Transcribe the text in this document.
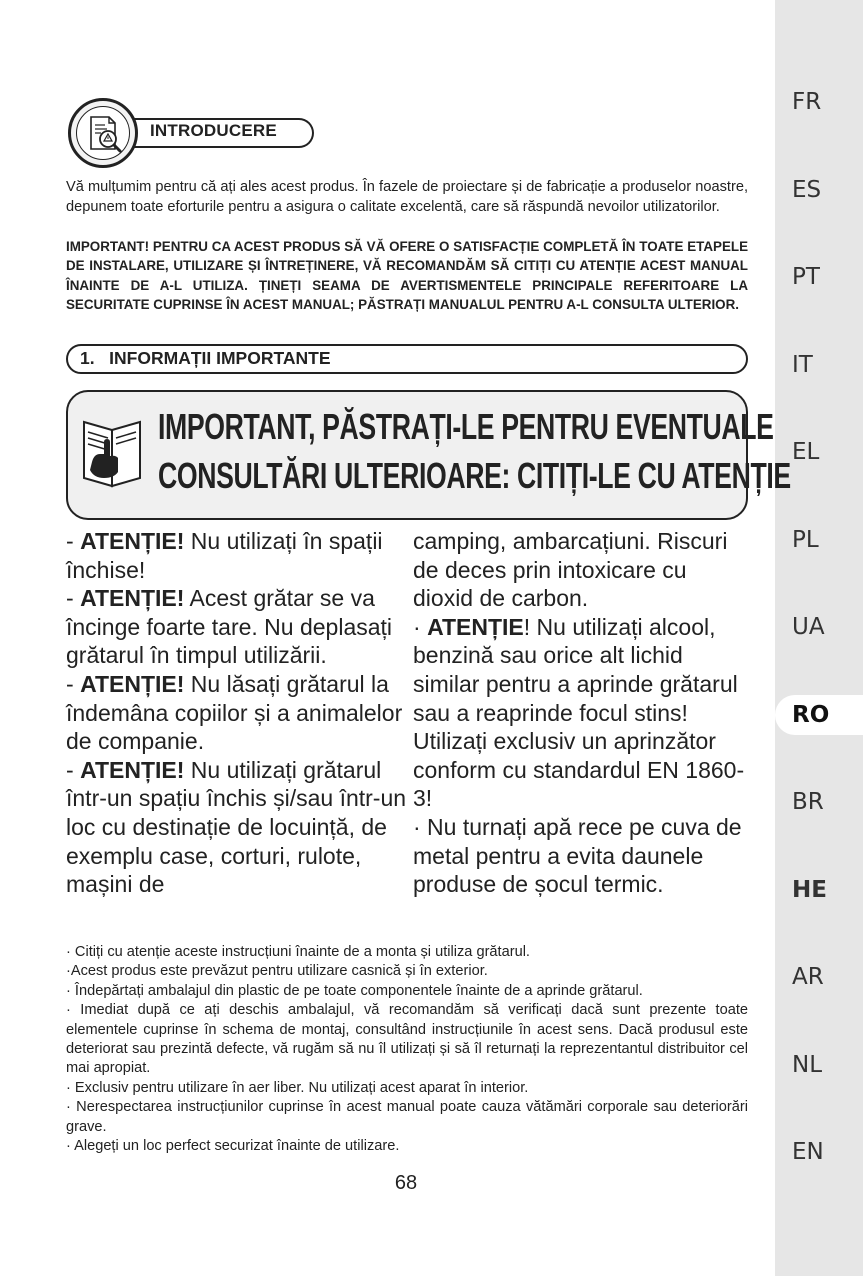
FR
ES
PT
IT
EL
PL
UA
RO
BR
HE
AR
NL
EN
INTRODUCERE

Vă mulțumim pentru că ați ales acest produs. În fazele de proiectare și de fabricație a produselor noastre, depunem toate eforturile pentru a asigura o calitate excelentă, care să răspundă nevoilor utilizatorilor.

IMPORTANT! PENTRU CA ACEST PRODUS SĂ VĂ OFERE O SATISFACȚIE COMPLETĂ ÎN TOATE ETAPELE DE INSTALARE, UTILIZARE ȘI ÎNTREȚINERE, VĂ RECOMANDĂM SĂ CITIȚI CU ATENȚIE ACEST MANUAL ÎNAINTE DE A-L UTILIZA. ȚINEȚI SEAMA DE AVERTISMENTELE PRINCIPALE REFERITOARE LA SECURITATE CUPRINSE ÎN ACEST MANUAL; PĂSTRAȚI MANUALUL PENTRU A-L CONSULTA ULTERIOR.

1.   INFORMAȚII IMPORTANTE
IMPORTANT, PĂSTRAȚI-LE PENTRU EVENTUALE
CONSULTĂRI ULTERIOARE: CITIȚI-LE CU ATENȚIE

- ATENȚIE! Nu utilizați în spații închise!

- ATENȚIE! Acest grătar se va încinge foarte tare. Nu deplasați grătarul în timpul utilizării.

- ATENȚIE! Nu lăsați grătarul la îndemâna copiilor și a animalelor de companie.

- ATENȚIE! Nu utilizați grătarul într-un spațiu închis și/sau într-un loc cu destinație de locuință, de exemplu case, corturi, rulote, mașini de

camping, ambarcațiuni. Riscuri de deces prin intoxicare cu dioxid de carbon.

· ATENȚIE! Nu utilizați alcool, benzină sau orice alt lichid similar pentru a aprinde grătarul sau a reaprinde focul stins! Utilizați exclusiv un aprinzător conform cu standardul EN 1860-3!

· Nu turnați apă rece pe cuva de metal pentru a evita daunele produse de șocul termic.

· Citiți cu atenție aceste instrucțiuni înainte de a monta și utiliza grătarul.

·Acest produs este prevăzut pentru utilizare casnică și în exterior.

· Îndepărtați ambalajul din plastic de pe toate componentele înainte de a aprinde grătarul.

· Imediat după ce ați deschis ambalajul, vă recomandăm să verificați dacă sunt prezente toate elementele cuprinse în schema de montaj, consultând instrucțiunile în acest sens. Dacă produsul este deteriorat sau prezintă defecte, vă rugăm să nu îl utilizați și să îl returnați la reprezentantul distribuitor cel mai apropiat.

· Exclusiv pentru utilizare în aer liber. Nu utilizați acest aparat în interior.

· Nerespectarea instrucțiunilor cuprinse în acest manual poate cauza vătămări corporale sau deteriorări grave.

· Alegeți un loc perfect securizat înainte de utilizare.

68
